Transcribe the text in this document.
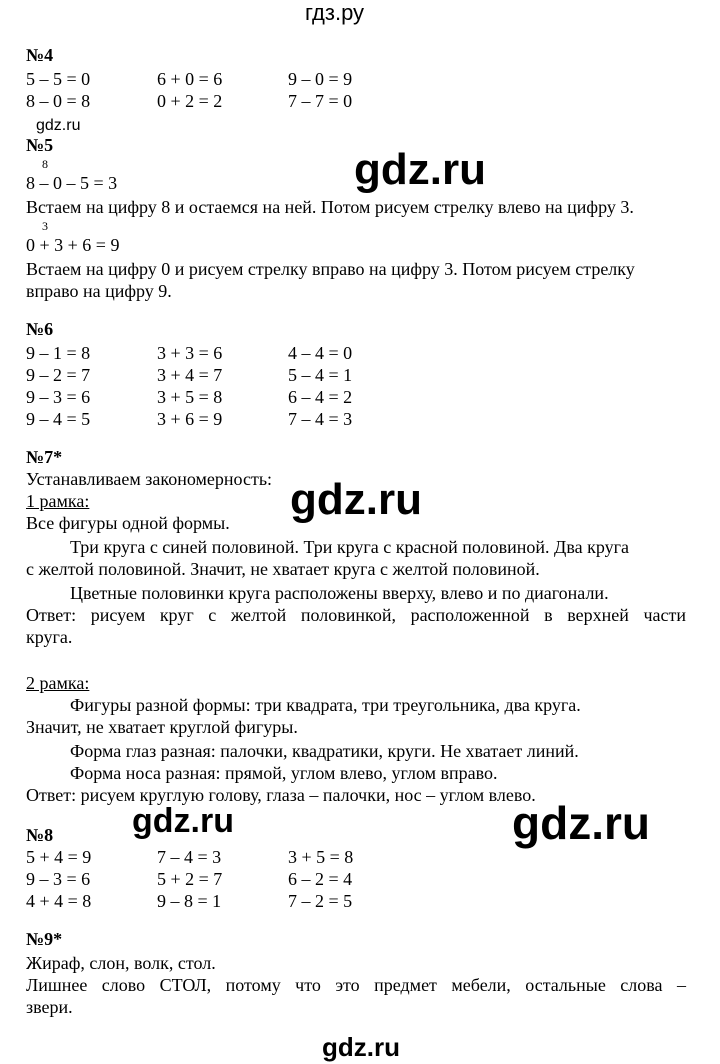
гдз.ру
№4
5 – 5 = 0	6 + 0 = 6	9 – 0 = 9
8 – 0 = 8	0 + 2 = 2	7 – 7 = 0
gdz.ru
№5
8	gdz.ru
8 – 0 – 5 = 3
Встаем на цифру 8 и остаемся на ней. Потом рисуем стрелку влево на цифру 3.
3
0 + 3 + 6 = 9
Встаем на цифру 0 и рисуем стрелку вправо на цифру 3. Потом рисуем стрелку
вправо на цифру 9.
№6
9 – 1 = 8	3 + 3 = 6	4 – 4 = 0
9 – 2 = 7	3 + 4 = 7	5 – 4 = 1
9 – 3 = 6	3 + 5 = 8	6 – 4 = 2
9 – 4 = 5	3 + 6 = 9	7 – 4 = 3
№7*
Устанавливаем закономерность:
1 рамка:	gdz.ru
Все фигуры одной формы.
Три круга с синей половиной. Три круга с красной половиной. Два круга
с желтой половиной. Значит, не хватает круга с желтой половиной.
Цветные половинки круга расположены вверху, влево и по диагонали.
Ответ: рисуем круг с желтой половинкой, расположенной в верхней части
круга.
2 рамка:
Фигуры разной формы: три квадрата, три треугольника, два круга.
Значит, не хватает круглой фигуры.
Форма глаз разная: палочки, квадратики, круги. Не хватает линий.
Форма носа разная: прямой, углом влево, углом вправо.
Ответ: рисуем круглую голову, глаза – палочки, нос – углом влево.
gdz.ru	gdz.ru
№8
5 + 4 = 9	7 – 4 = 3	3 + 5 = 8
9 – 3 = 6	5 + 2 = 7	6 – 2 = 4
4 + 4 = 8	9 – 8 = 1	7 – 2 = 5
№9*
Жираф, слон, волк, стол.
Лишнее слово СТОЛ, потому что это предмет мебели, остальные слова –
звери.
gdz.ru
